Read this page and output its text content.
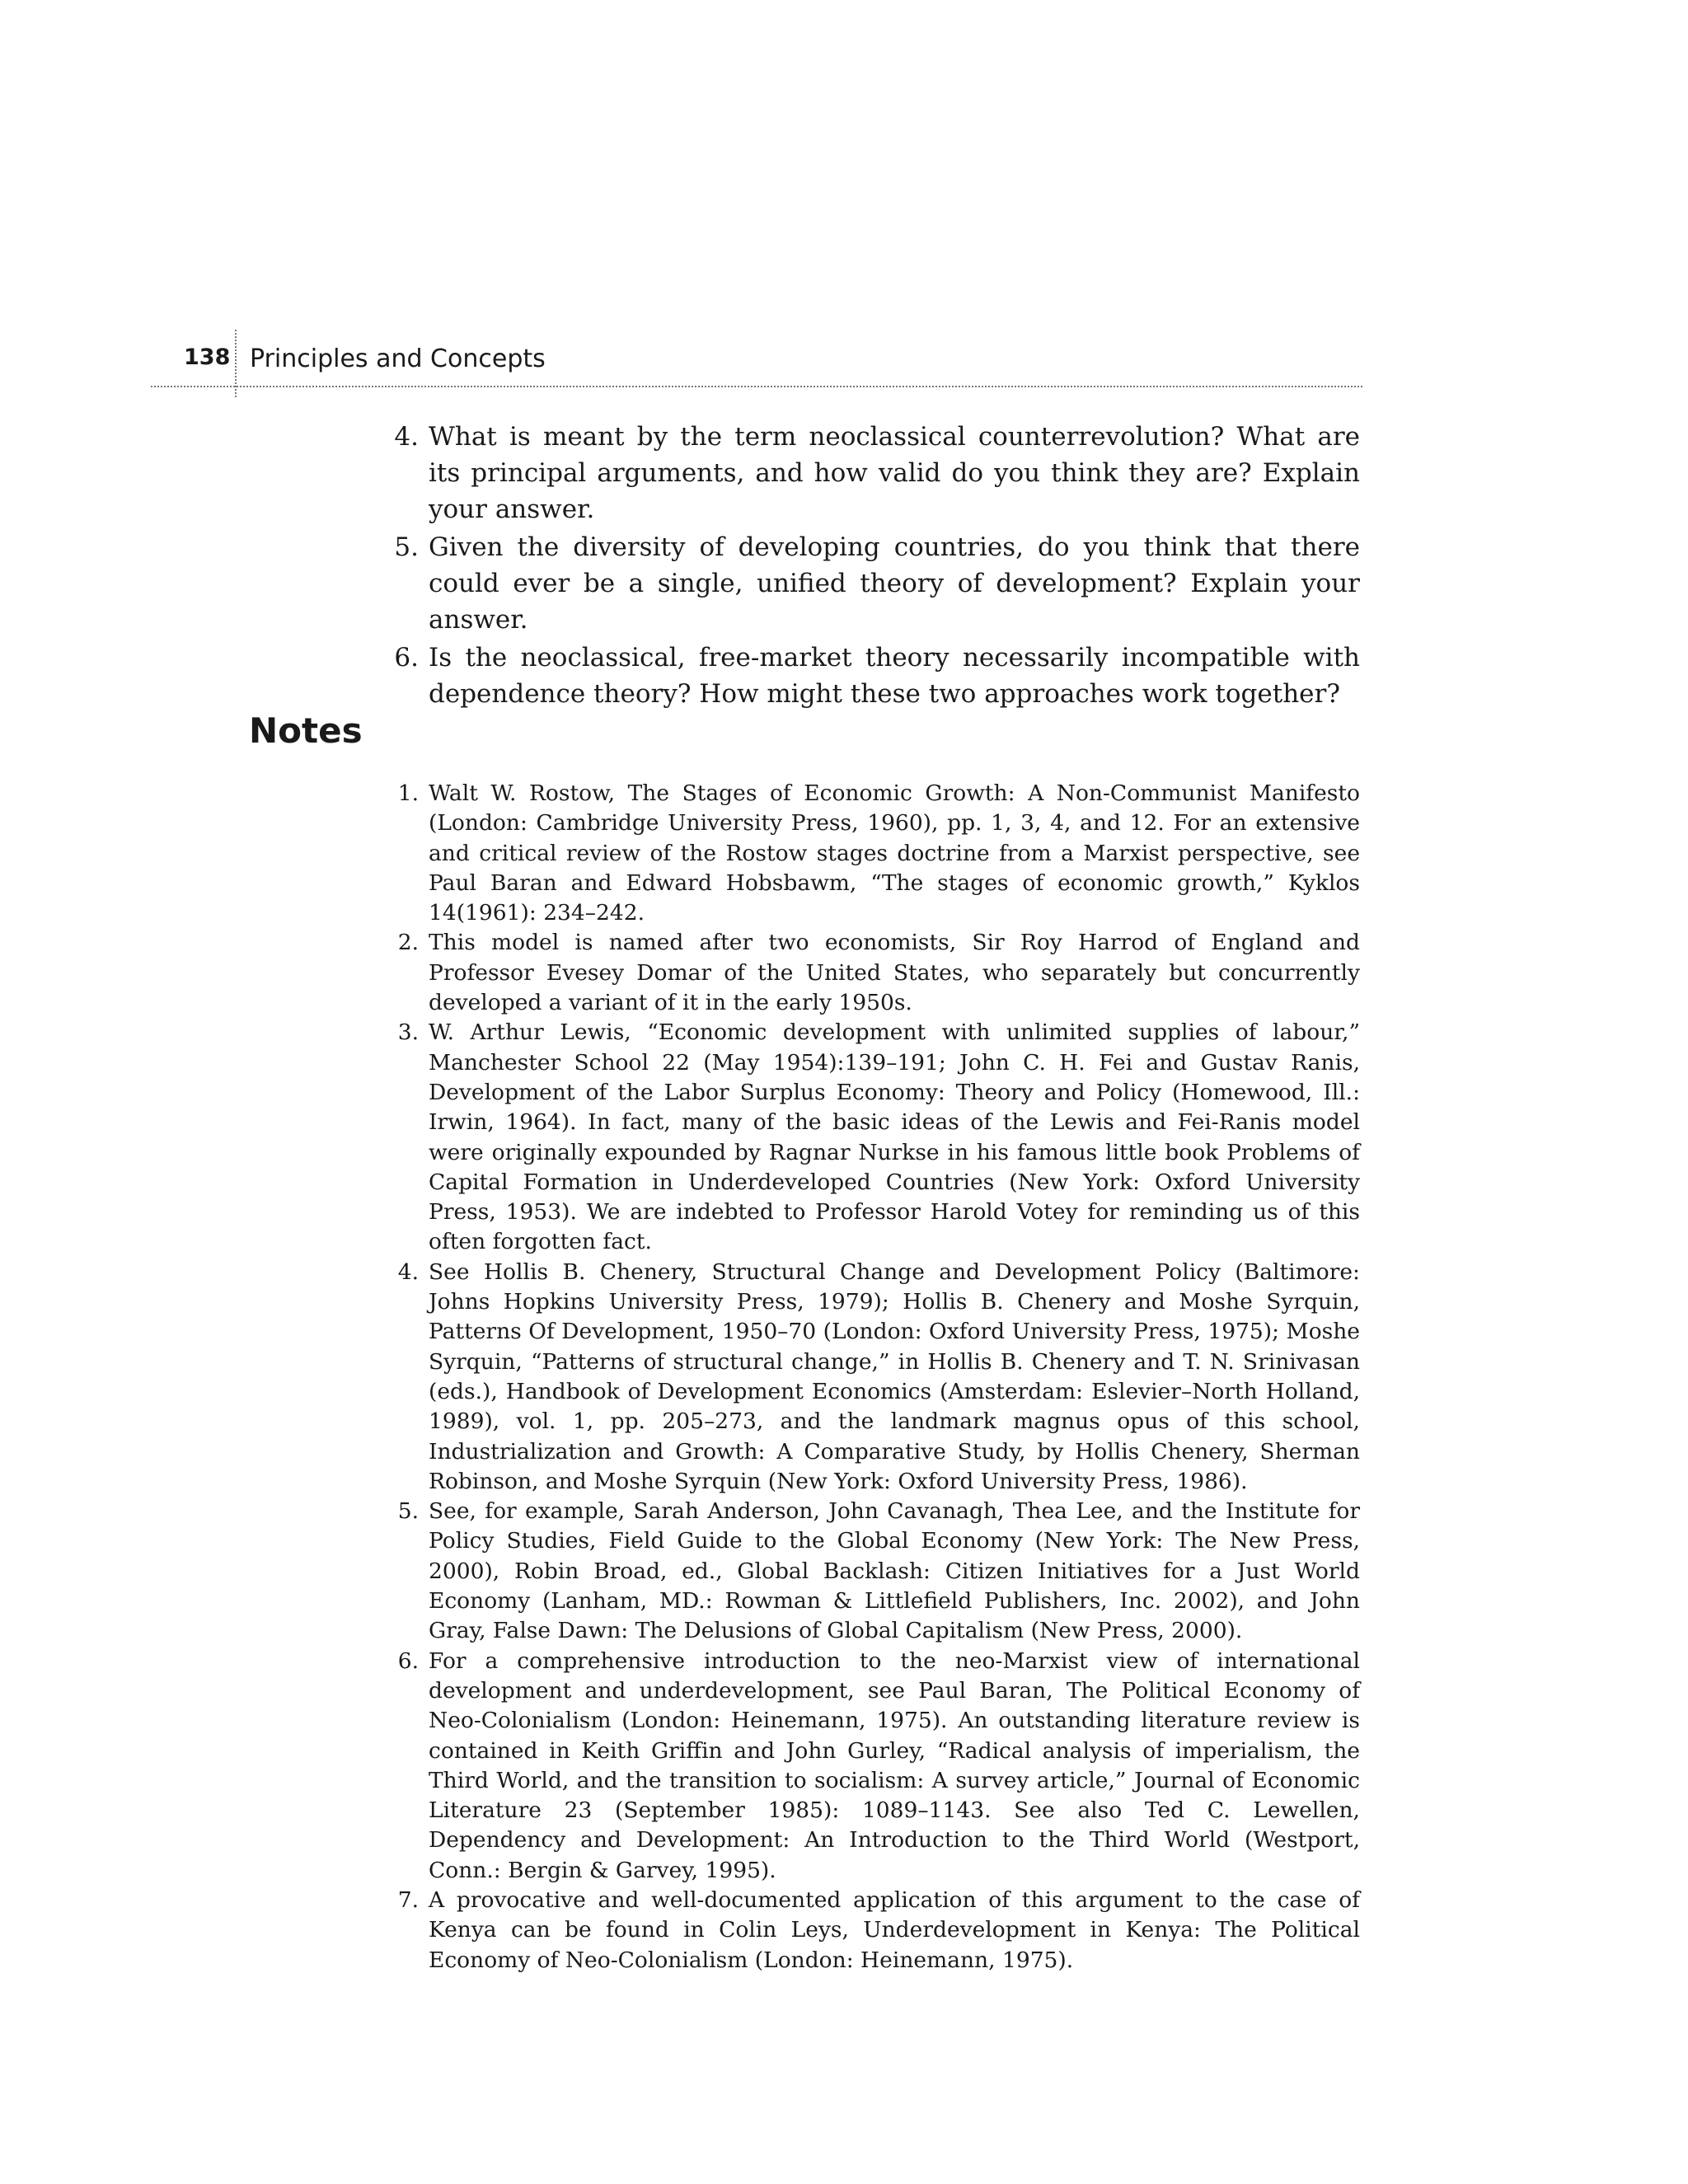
138 Principles and Concepts
4. What is meant by the term neoclassical counterrevolution? What are its principal arguments, and how valid do you think they are? Explain your answer.
5. Given the diversity of developing countries, do you think that there could ever be a single, unified theory of development? Explain your answer.
6. Is the neoclassical, free-market theory necessarily incompatible with dependence theory? How might these two approaches work together?
Notes
1. Walt W. Rostow, The Stages of Economic Growth: A Non-Communist Manifesto (London: Cambridge University Press, 1960), pp. 1, 3, 4, and 12. For an extensive and critical review of the Rostow stages doctrine from a Marxist perspective, see Paul Baran and Edward Hobsbawm, “The stages of economic growth,” Kyklos 14(1961): 234–242.
2. This model is named after two economists, Sir Roy Harrod of England and Professor Evesey Domar of the United States, who separately but concurrently developed a variant of it in the early 1950s.
3. W. Arthur Lewis, “Economic development with unlimited supplies of labour,” Manchester School 22 (May 1954):139–191; John C. H. Fei and Gustav Ranis, Development of the Labor Surplus Economy: Theory and Policy (Homewood, Ill.: Irwin, 1964). In fact, many of the basic ideas of the Lewis and Fei-Ranis model were originally expounded by Ragnar Nurkse in his famous little book Problems of Capital Formation in Underdeveloped Countries (New York: Oxford University Press, 1953). We are indebted to Professor Harold Votey for reminding us of this often forgotten fact.
4. See Hollis B. Chenery, Structural Change and Development Policy (Baltimore: Johns Hopkins University Press, 1979); Hollis B. Chenery and Moshe Syrquin, Patterns Of Development, 1950–70 (London: Oxford University Press, 1975); Moshe Syrquin, “Patterns of structural change,” in Hollis B. Chenery and T. N. Srinivasan (eds.), Handbook of Development Economics (Amsterdam: Eslevier–North Holland, 1989), vol. 1, pp. 205–273, and the landmark magnus opus of this school, Industrialization and Growth: A Comparative Study, by Hollis Chenery, Sherman Robinson, and Moshe Syrquin (New York: Oxford University Press, 1986).
5. See, for example, Sarah Anderson, John Cavanagh, Thea Lee, and the Institute for Policy Studies, Field Guide to the Global Economy (New York: The New Press, 2000), Robin Broad, ed., Global Backlash: Citizen Initiatives for a Just World Economy (Lanham, MD.: Rowman & Littlefield Publishers, Inc. 2002), and John Gray, False Dawn: The Delusions of Global Capitalism (New Press, 2000).
6. For a comprehensive introduction to the neo-Marxist view of international development and underdevelopment, see Paul Baran, The Political Economy of Neo-Colonialism (London: Heinemann, 1975). An outstanding literature review is contained in Keith Griffin and John Gurley, “Radical analysis of imperialism, the Third World, and the transition to socialism: A survey article,” Journal of Economic Literature 23 (September 1985): 1089–1143. See also Ted C. Lewellen, Dependency and Development: An Introduction to the Third World (Westport, Conn.: Bergin & Garvey, 1995).
7. A provocative and well-documented application of this argument to the case of Kenya can be found in Colin Leys, Underdevelopment in Kenya: The Political Economy of Neo-Colonialism (London: Heinemann, 1975).
